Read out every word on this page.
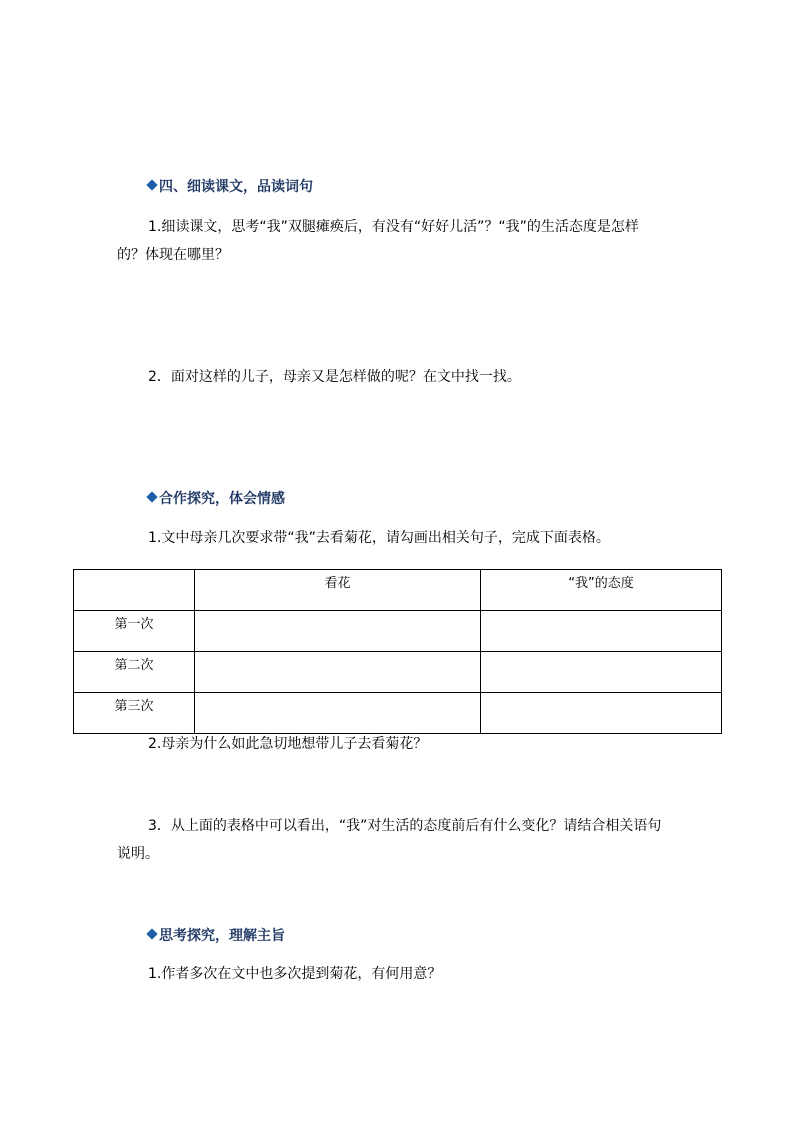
四、细读课文，品读词句
1.细读课文，思考“我”双腿瘫痪后，有没有“好好儿活”？“我”的生活态度是怎样
的？体现在哪里？
2．面对这样的儿子，母亲又是怎样做的呢？在文中找一找。
合作探究，体会情感
1.文中母亲几次要求带“我”去看菊花，请勾画出相关句子，完成下面表格。

	看花	“我”的态度

第一次		

第二次		

第三次		

2.母亲为什么如此急切地想带儿子去看菊花？
3．从上面的表格中可以看出，“我”对生活的态度前后有什么变化？请结合相关语句
说明。
思考探究，理解主旨
1.作者多次在文中也多次提到菊花，有何用意？
